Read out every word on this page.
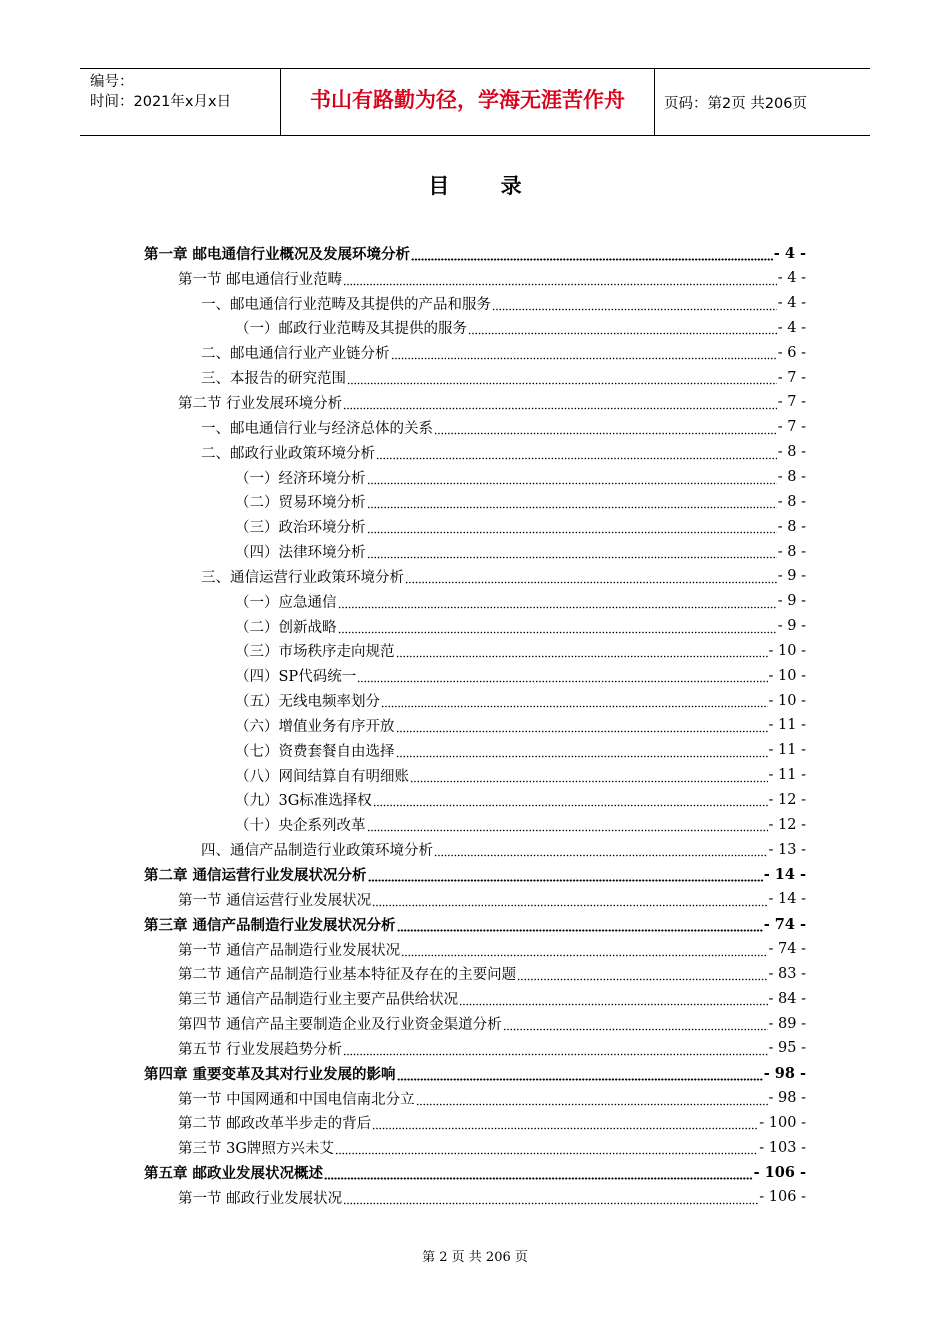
编号：
时间：2021年x月x日	书山有路勤为径，学海无涯苦作舟	页码：第2页 共206页
目 录
第一章 邮电通信行业概况及发展环境分析	- 4 -
第一节 邮电通信行业范畴	- 4 -
一、邮电通信行业范畴及其提供的产品和服务	- 4 -
（一）邮政行业范畴及其提供的服务	- 4 -
二、邮电通信行业产业链分析	- 6 -
三、本报告的研究范围	- 7 -
第二节 行业发展环境分析	- 7 -
一、邮电通信行业与经济总体的关系	- 7 -
二、邮政行业政策环境分析	- 8 -
（一）经济环境分析	- 8 -
（二）贸易环境分析	- 8 -
（三）政治环境分析	- 8 -
（四）法律环境分析	- 8 -
三、通信运营行业政策环境分析	- 9 -
（一）应急通信	- 9 -
（二）创新战略	- 9 -
（三）市场秩序走向规范	- 10 -
（四）SP代码统一	- 10 -
（五）无线电频率划分	- 10 -
（六）增值业务有序开放	- 11 -
（七）资费套餐自由选择	- 11 -
（八）网间结算自有明细账	- 11 -
（九）3G标准选择权	- 12 -
（十）央企系列改革	- 12 -
四、通信产品制造行业政策环境分析	- 13 -
第二章 通信运营行业发展状况分析	- 14 -
第一节 通信运营行业发展状况	- 14 -
第三章 通信产品制造行业发展状况分析	- 74 -
第一节 通信产品制造行业发展状况	- 74 -
第二节 通信产品制造行业基本特征及存在的主要问题	- 83 -
第三节 通信产品制造行业主要产品供给状况	- 84 -
第四节 通信产品主要制造企业及行业资金渠道分析	- 89 -
第五节 行业发展趋势分析	- 95 -
第四章 重要变革及其对行业发展的影响	- 98 -
第一节 中国网通和中国电信南北分立	- 98 -
第二节 邮政改革半步走的背后	- 100 -
第三节 3G牌照方兴未艾	- 103 -
第五章 邮政业发展状况概述	- 106 -
第一节 邮政行业发展状况	- 106 -
第 2 页 共 206 页
